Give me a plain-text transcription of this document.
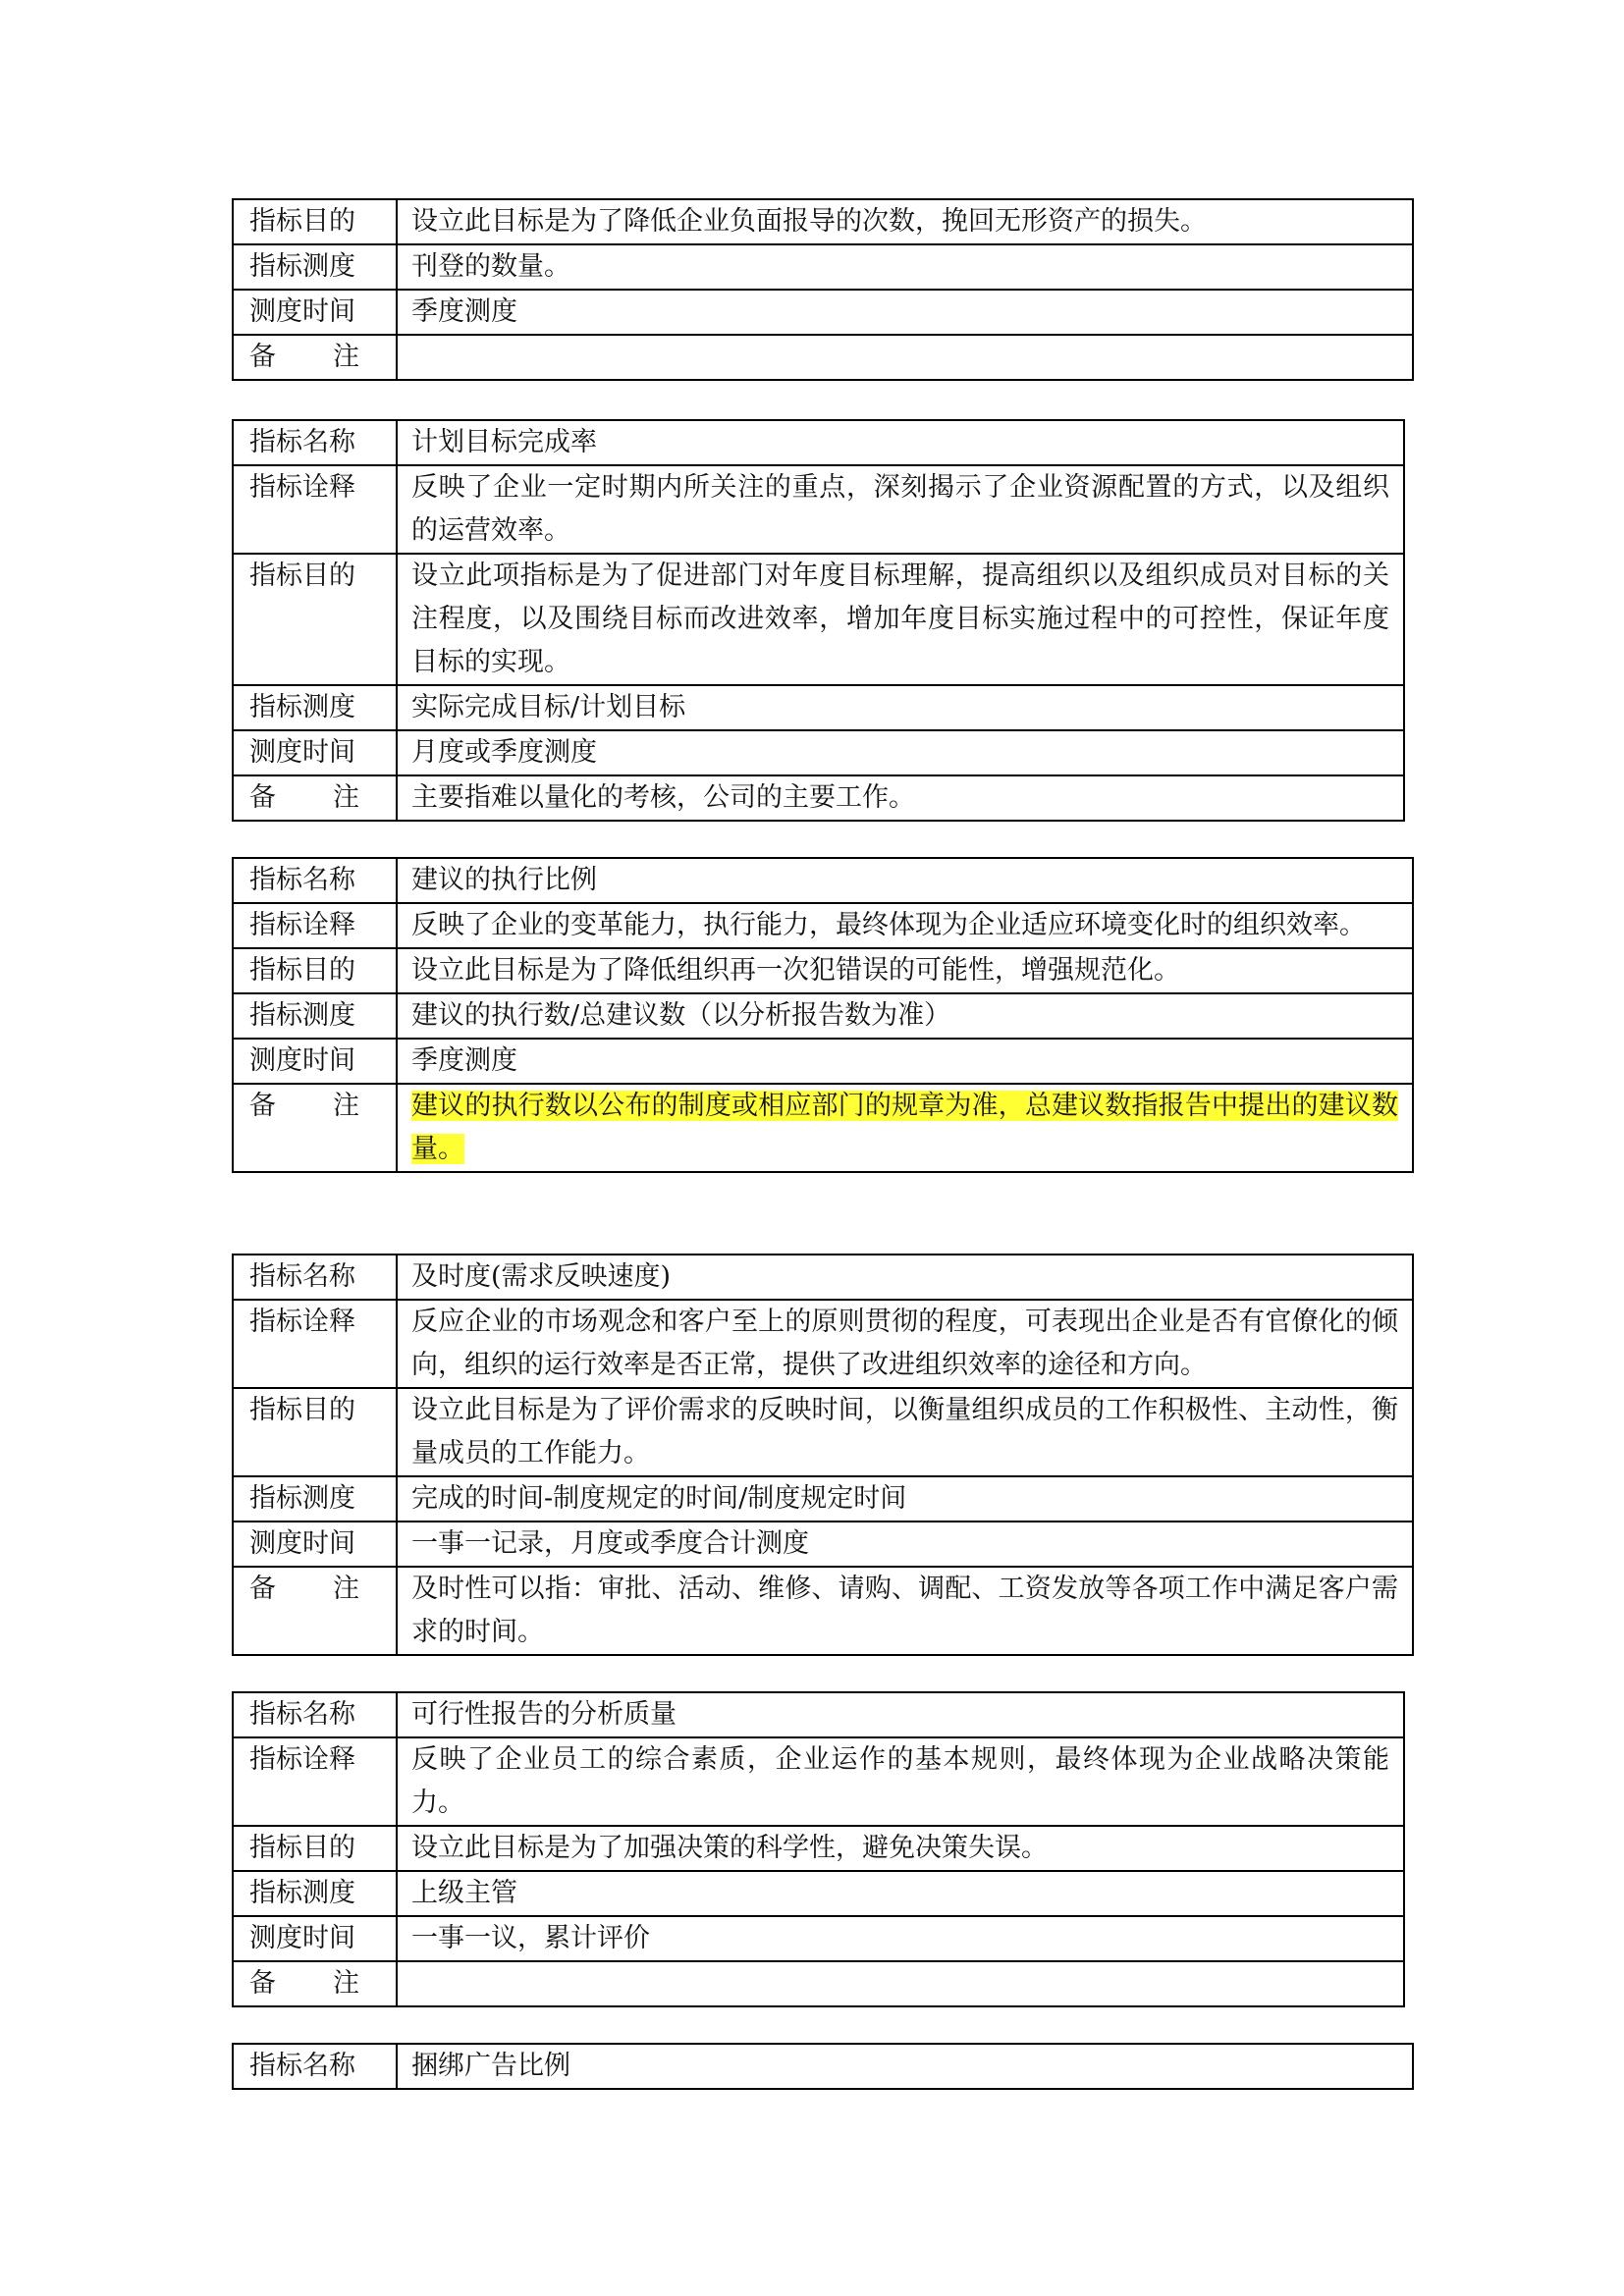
指标目的	设立此目标是为了降低企业负面报导的次数，挽回无形资产的损失。
指标测度	刊登的数量。
测度时间	季度测度

备 注	

指标名称	计划目标完成率
指标诠释	反映了企业一定时期内所关注的重点，深刻揭示了企业资源配置的方式，以及组织的运营效率。
指标目的	设立此项指标是为了促进部门对年度目标理解，提高组织以及组织成员对目标的关注程度，以及围绕目标而改进效率，增加年度目标实施过程中的可控性，保证年度目标的实现。
指标测度	实际完成目标/计划目标
测度时间	月度或季度测度

备 注	主要指难以量化的考核，公司的主要工作。
指标名称	建议的执行比例
指标诠释	反映了企业的变革能力，执行能力，最终体现为企业适应环境变化时的组织效率。
指标目的	设立此目标是为了降低组织再一次犯错误的可能性，增强规范化。
指标测度	建议的执行数/总建议数（以分析报告数为准）
测度时间	季度测度

备 注	建议的执行数以公布的制度或相应部门的规章为准，总建议数指报告中提出的建议数量。
指标名称	及时度(需求反映速度)
指标诠释	反应企业的市场观念和客户至上的原则贯彻的程度，可表现出企业是否有官僚化的倾向，组织的运行效率是否正常，提供了改进组织效率的途径和方向。
指标目的	设立此目标是为了评价需求的反映时间，以衡量组织成员的工作积极性、主动性，衡量成员的工作能力。
指标测度	完成的时间-制度规定的时间/制度规定时间
测度时间	一事一记录，月度或季度合计测度

备 注	及时性可以指：审批、活动、维修、请购、调配、工资发放等各项工作中满足客户需求的时间。
指标名称	可行性报告的分析质量
指标诠释	反映了企业员工的综合素质，企业运作的基本规则，最终体现为企业战略决策能力。
指标目的	设立此目标是为了加强决策的科学性，避免决策失误。
指标测度	上级主管
测度时间	一事一议，累计评价

备 注	

指标名称	捆绑广告比例
